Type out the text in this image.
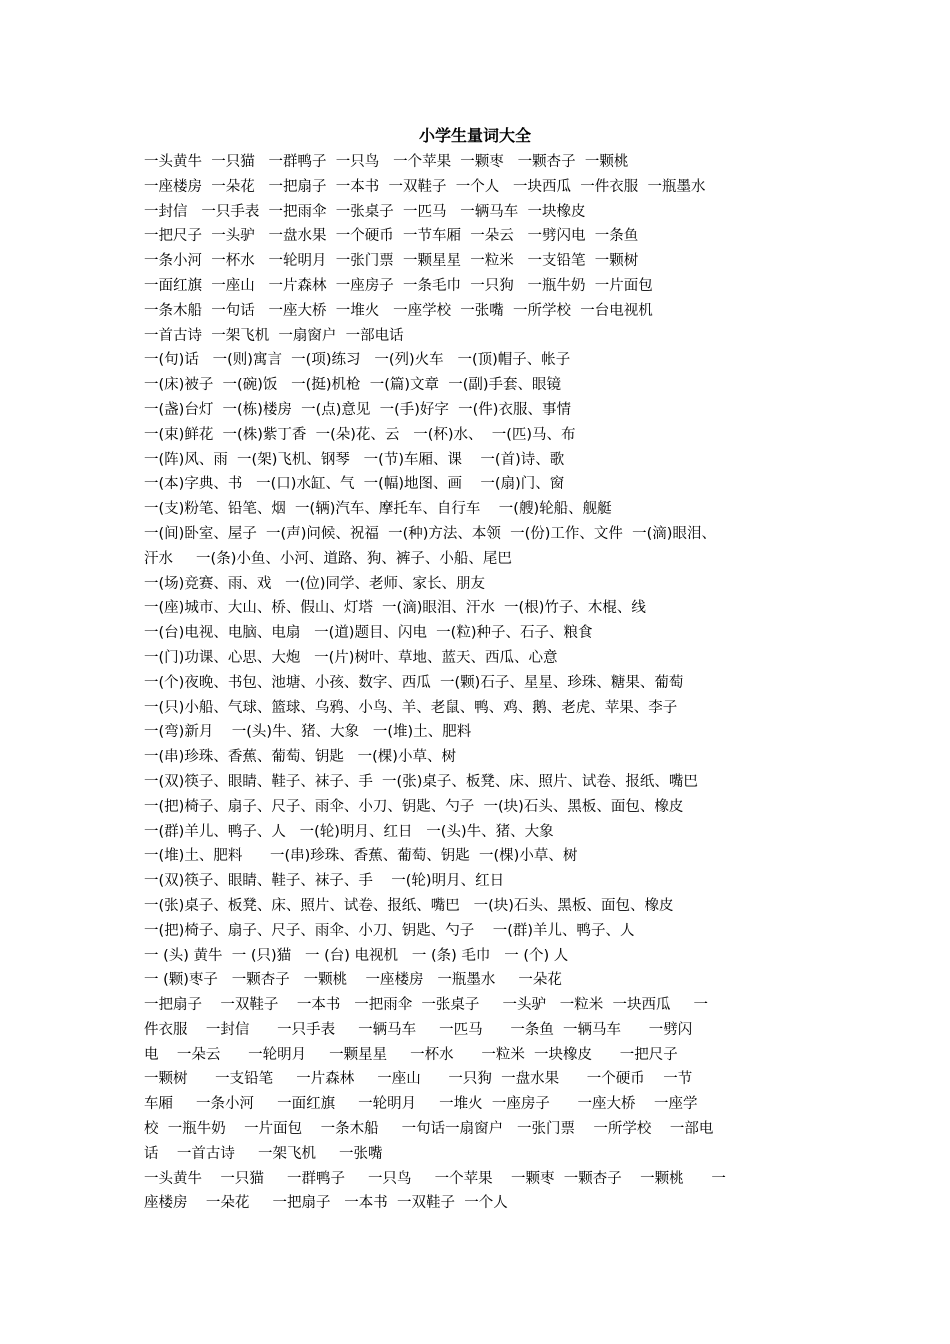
小学生量词大全

一头黄牛  一只猫   一群鸭子  一只鸟   一个苹果  一颗枣   一颗杏子  一颗桃

一座楼房  一朵花   一把扇子  一本书  一双鞋子  一个人   一块西瓜  一件衣服  一瓶墨水

一封信   一只手表  一把雨伞  一张桌子  一匹马   一辆马车  一块橡皮

一把尺子  一头驴   一盘水果  一个硬币  一节车厢  一朵云   一劈闪电  一条鱼

一条小河  一杯水   一轮明月  一张门票  一颗星星  一粒米   一支铅笔  一颗树

一面红旗  一座山   一片森林  一座房子  一条毛巾  一只狗   一瓶牛奶  一片面包

一条木船  一句话   一座大桥  一堆火   一座学校  一张嘴  一所学校  一台电视机

一首古诗  一架飞机  一扇窗户  一部电话

一(句)话   一(则)寓言  一(项)练习   一(列)火车   一(顶)帽子、帐子

一(床)被子  一(碗)饭   一(挺)机枪  一(篇)文章  一(副)手套、眼镜

一(盏)台灯  一(栋)楼房  一(点)意见  一(手)好字  一(件)衣服、事情

一(束)鲜花  一(株)紫丁香  一(朵)花、云   一(杯)水、  一(匹)马、布

一(阵)风、雨  一(架)飞机、钢琴   一(节)车厢、课    一(首)诗、歌

一(本)字典、书   一(口)水缸、气  一(幅)地图、画    一(扇)门、窗

一(支)粉笔、铅笔、烟  一(辆)汽车、摩托车、自行车    一(艘)轮船、舰艇

一(间)卧室、屋子  一(声)问候、祝福  一(种)方法、本领  一(份)工作、文件  一(滴)眼泪、

汗水     一(条)小鱼、小河、道路、狗、裤子、小船、尾巴

一(场)竞赛、雨、戏   一(位)同学、老师、家长、朋友

一(座)城市、大山、桥、假山、灯塔  一(滴)眼泪、汗水  一(根)竹子、木棍、线

一(台)电视、电脑、电扇   一(道)题目、闪电  一(粒)种子、石子、粮食

一(门)功课、心思、大炮   一(片)树叶、草地、蓝天、西瓜、心意

一(个)夜晚、书包、池塘、小孩、数字、西瓜  一(颗)石子、星星、珍珠、糖果、葡萄

一(只)小船、气球、篮球、乌鸦、小鸟、羊、老鼠、鸭、鸡、鹅、老虎、苹果、李子

一(弯)新月    一(头)牛、猪、大象   一(堆)土、肥料

一(串)珍珠、香蕉、葡萄、钥匙   一(棵)小草、树

一(双)筷子、眼睛、鞋子、袜子、手  一(张)桌子、板凳、床、照片、试卷、报纸、嘴巴

一(把)椅子、扇子、尺子、雨伞、小刀、钥匙、勺子  一(块)石头、黑板、面包、橡皮

一(群)羊儿、鸭子、人   一(轮)明月、红日   一(头)牛、猪、大象

一(堆)土、肥料      一(串)珍珠、香蕉、葡萄、钥匙  一(棵)小草、树

一(双)筷子、眼睛、鞋子、袜子、手    一(轮)明月、红日

一(张)桌子、板凳、床、照片、试卷、报纸、嘴巴   一(块)石头、黑板、面包、橡皮

一(把)椅子、扇子、尺子、雨伞、小刀、钥匙、勺子    一(群)羊儿、鸭子、人

一 (头) 黄牛  一 (只)猫   一 (台) 电视机   一 (条) 毛巾   一 (个) 人

一 (颗)枣子   一颗杏子   一颗桃    一座楼房   一瓶墨水     一朵花

一把扇子    一双鞋子    一本书   一把雨伞  一张桌子     一头驴   一粒米  一块西瓜     一

件衣服    一封信      一只手表     一辆马车     一匹马      一条鱼  一辆马车      一劈闪

电    一朵云      一轮明月     一颗星星     一杯水      一粒米  一块橡皮      一把尺子

一颗树      一支铅笔     一片森林     一座山      一只狗  一盘水果      一个硬币    一节

车厢     一条小河     一面红旗     一轮明月     一堆火  一座房子      一座大桥    一座学

校  一瓶牛奶    一片面包    一条木船     一句话一扇窗户   一张门票    一所学校    一部电

话    一首古诗     一架飞机     一张嘴

一头黄牛    一只猫     一群鸭子     一只鸟     一个苹果    一颗枣  一颗杏子    一颗桃      一

座楼房    一朵花     一把扇子   一本书  一双鞋子  一个人
